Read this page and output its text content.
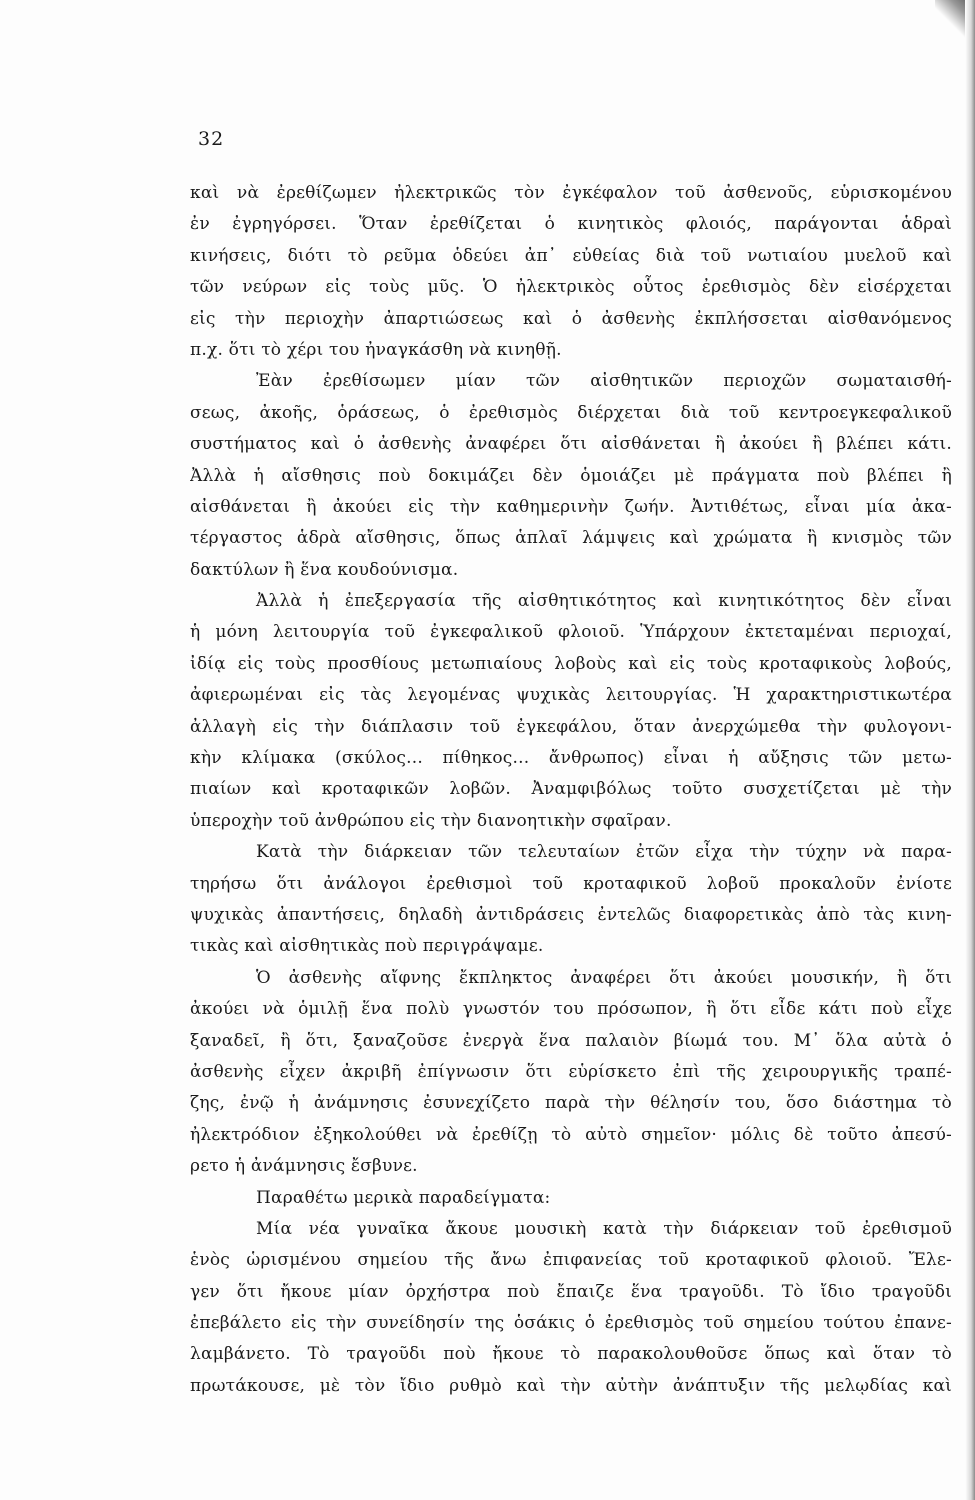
32
καὶ νὰ ἐρεθίζωμεν ἠλεκτρικῶς τὸν ἐγκέφαλον τοῦ ἀσθενοῦς, εὑρισκομένου
ἐν ἐγρηγόρσει. Ὅταν ἐρεθίζεται ὁ κινητικὸς φλοιός, παράγονται ἁδραὶ
κινήσεις, διότι τὸ ρεῦμα ὁδεύει ἀπ᾽ εὐθείας διὰ τοῦ νωτιαίου μυελοῦ καὶ
τῶν νεύρων εἰς τοὺς μῦς. Ὁ ἠλεκτρικὸς οὗτος ἐρεθισμὸς δὲν εἰσέρχεται
εἰς τὴν περιοχὴν ἀπαρτιώσεως καὶ ὁ ἀσθενὴς ἐκπλήσσεται αἰσθανόμενος
π.χ. ὅτι τὸ χέρι του ἠναγκάσθη νὰ κινηθῇ.
Ἐὰν ἐρεθίσωμεν μίαν τῶν αἰσθητικῶν περιοχῶν σωματαισθή-
σεως, ἀκοῆς, ὁράσεως, ὁ ἐρεθισμὸς διέρχεται διὰ τοῦ κεντροεγκεφαλικοῦ
συστήματος καὶ ὁ ἀσθενὴς ἀναφέρει ὅτι αἰσθάνεται ἢ ἀκούει ἢ βλέπει κάτι.
Ἀλλὰ ἡ αἴσθησις ποὺ δοκιμάζει δὲν ὁμοιάζει μὲ πράγματα ποὺ βλέπει ἢ
αἰσθάνεται ἢ ἀκούει εἰς τὴν καθημερινὴν ζωήν. Ἀντιθέτως, εἶναι μία ἀκα-
τέργαστος ἁδρὰ αἴσθησις, ὅπως ἁπλαῖ λάμψεις καὶ χρώματα ἢ κνισμὸς τῶν
δακτύλων ἢ ἕνα κουδούνισμα.
Ἀλλὰ ἡ ἐπεξεργασία τῆς αἰσθητικότητος καὶ κινητικότητος δὲν εἶναι
ἡ μόνη λειτουργία τοῦ ἐγκεφαλικοῦ φλοιοῦ. Ὑπάρχουν ἐκτεταμέναι περιοχαί,
ἰδίᾳ εἰς τοὺς προσθίους μετωπιαίους λοβοὺς καὶ εἰς τοὺς κροταφικοὺς λοβούς,
ἀφιερωμέναι εἰς τὰς λεγομένας ψυχικὰς λειτουργίας. Ἡ χαρακτηριστικωτέρα
ἀλλαγὴ εἰς τὴν διάπλασιν τοῦ ἐγκεφάλου, ὅταν ἀνερχώμεθα τὴν φυλογονι-
κὴν κλίμακα (σκύλος... πίθηκος... ἄνθρωπος) εἶναι ἡ αὔξησις τῶν μετω-
πιαίων καὶ κροταφικῶν λοβῶν. Ἀναμφιβόλως τοῦτο συσχετίζεται μὲ τὴν
ὑπεροχὴν τοῦ ἀνθρώπου εἰς τὴν διανοητικὴν σφαῖραν.
Κατὰ τὴν διάρκειαν τῶν τελευταίων ἐτῶν εἶχα τὴν τύχην νὰ παρα-
τηρήσω ὅτι ἀνάλογοι ἐρεθισμοὶ τοῦ κροταφικοῦ λοβοῦ προκαλοῦν ἐνίοτε
ψυχικὰς ἀπαντήσεις, δηλαδὴ ἀντιδράσεις ἐντελῶς διαφορετικὰς ἀπὸ τὰς κινη-
τικὰς καὶ αἰσθητικὰς ποὺ περιγράψαμε.
Ὁ ἀσθενὴς αἴφνης ἔκπληκτος ἀναφέρει ὅτι ἀκούει μουσικήν, ἢ ὅτι
ἀκούει νὰ ὁμιλῇ ἕνα πολὺ γνωστόν του πρόσωπον, ἢ ὅτι εἶδε κάτι ποὺ εἶχε
ξαναδεῖ, ἢ ὅτι, ξαναζοῦσε ἐνεργὰ ἕνα παλαιὸν βίωμά του. Μ᾽ ὅλα αὐτὰ ὁ
ἀσθενὴς εἶχεν ἀκριβῆ ἐπίγνωσιν ὅτι εὑρίσκετο ἐπὶ τῆς χειρουργικῆς τραπέ-
ζης, ἐνῷ ἡ ἀνάμνησις ἐσυνεχίζετο παρὰ τὴν θέλησίν του, ὅσο διάστημα τὸ
ἠλεκτρόδιον ἐξηκολούθει νὰ ἐρεθίζῃ τὸ αὐτὸ σημεῖον· μόλις δὲ τοῦτο ἀπεσύ-
ρετο ἡ ἀνάμνησις ἔσβυνε.
Παραθέτω μερικὰ παραδείγματα:
Μία νέα γυναῖκα ἄκουε μουσικὴ κατὰ τὴν διάρκειαν τοῦ ἐρεθισμοῦ
ἑνὸς ὡρισμένου σημείου τῆς ἄνω ἐπιφανείας τοῦ κροταφικοῦ φλοιοῦ. Ἔλε-
γεν ὅτι ἤκουε μίαν ὀρχήστρα ποὺ ἔπαιζε ἕνα τραγοῦδι. Τὸ ἴδιο τραγοῦδι
ἐπεβάλετο εἰς τὴν συνείδησίν της ὁσάκις ὁ ἐρεθισμὸς τοῦ σημείου τούτου ἐπανε-
λαμβάνετο. Τὸ τραγοῦδι ποὺ ἤκουε τὸ παρακολουθοῦσε ὅπως καὶ ὅταν τὸ
πρωτάκουσε, μὲ τὸν ἴδιο ρυθμὸ καὶ τὴν αὐτὴν ἀνάπτυξιν τῆς μελῳδίας καὶ
